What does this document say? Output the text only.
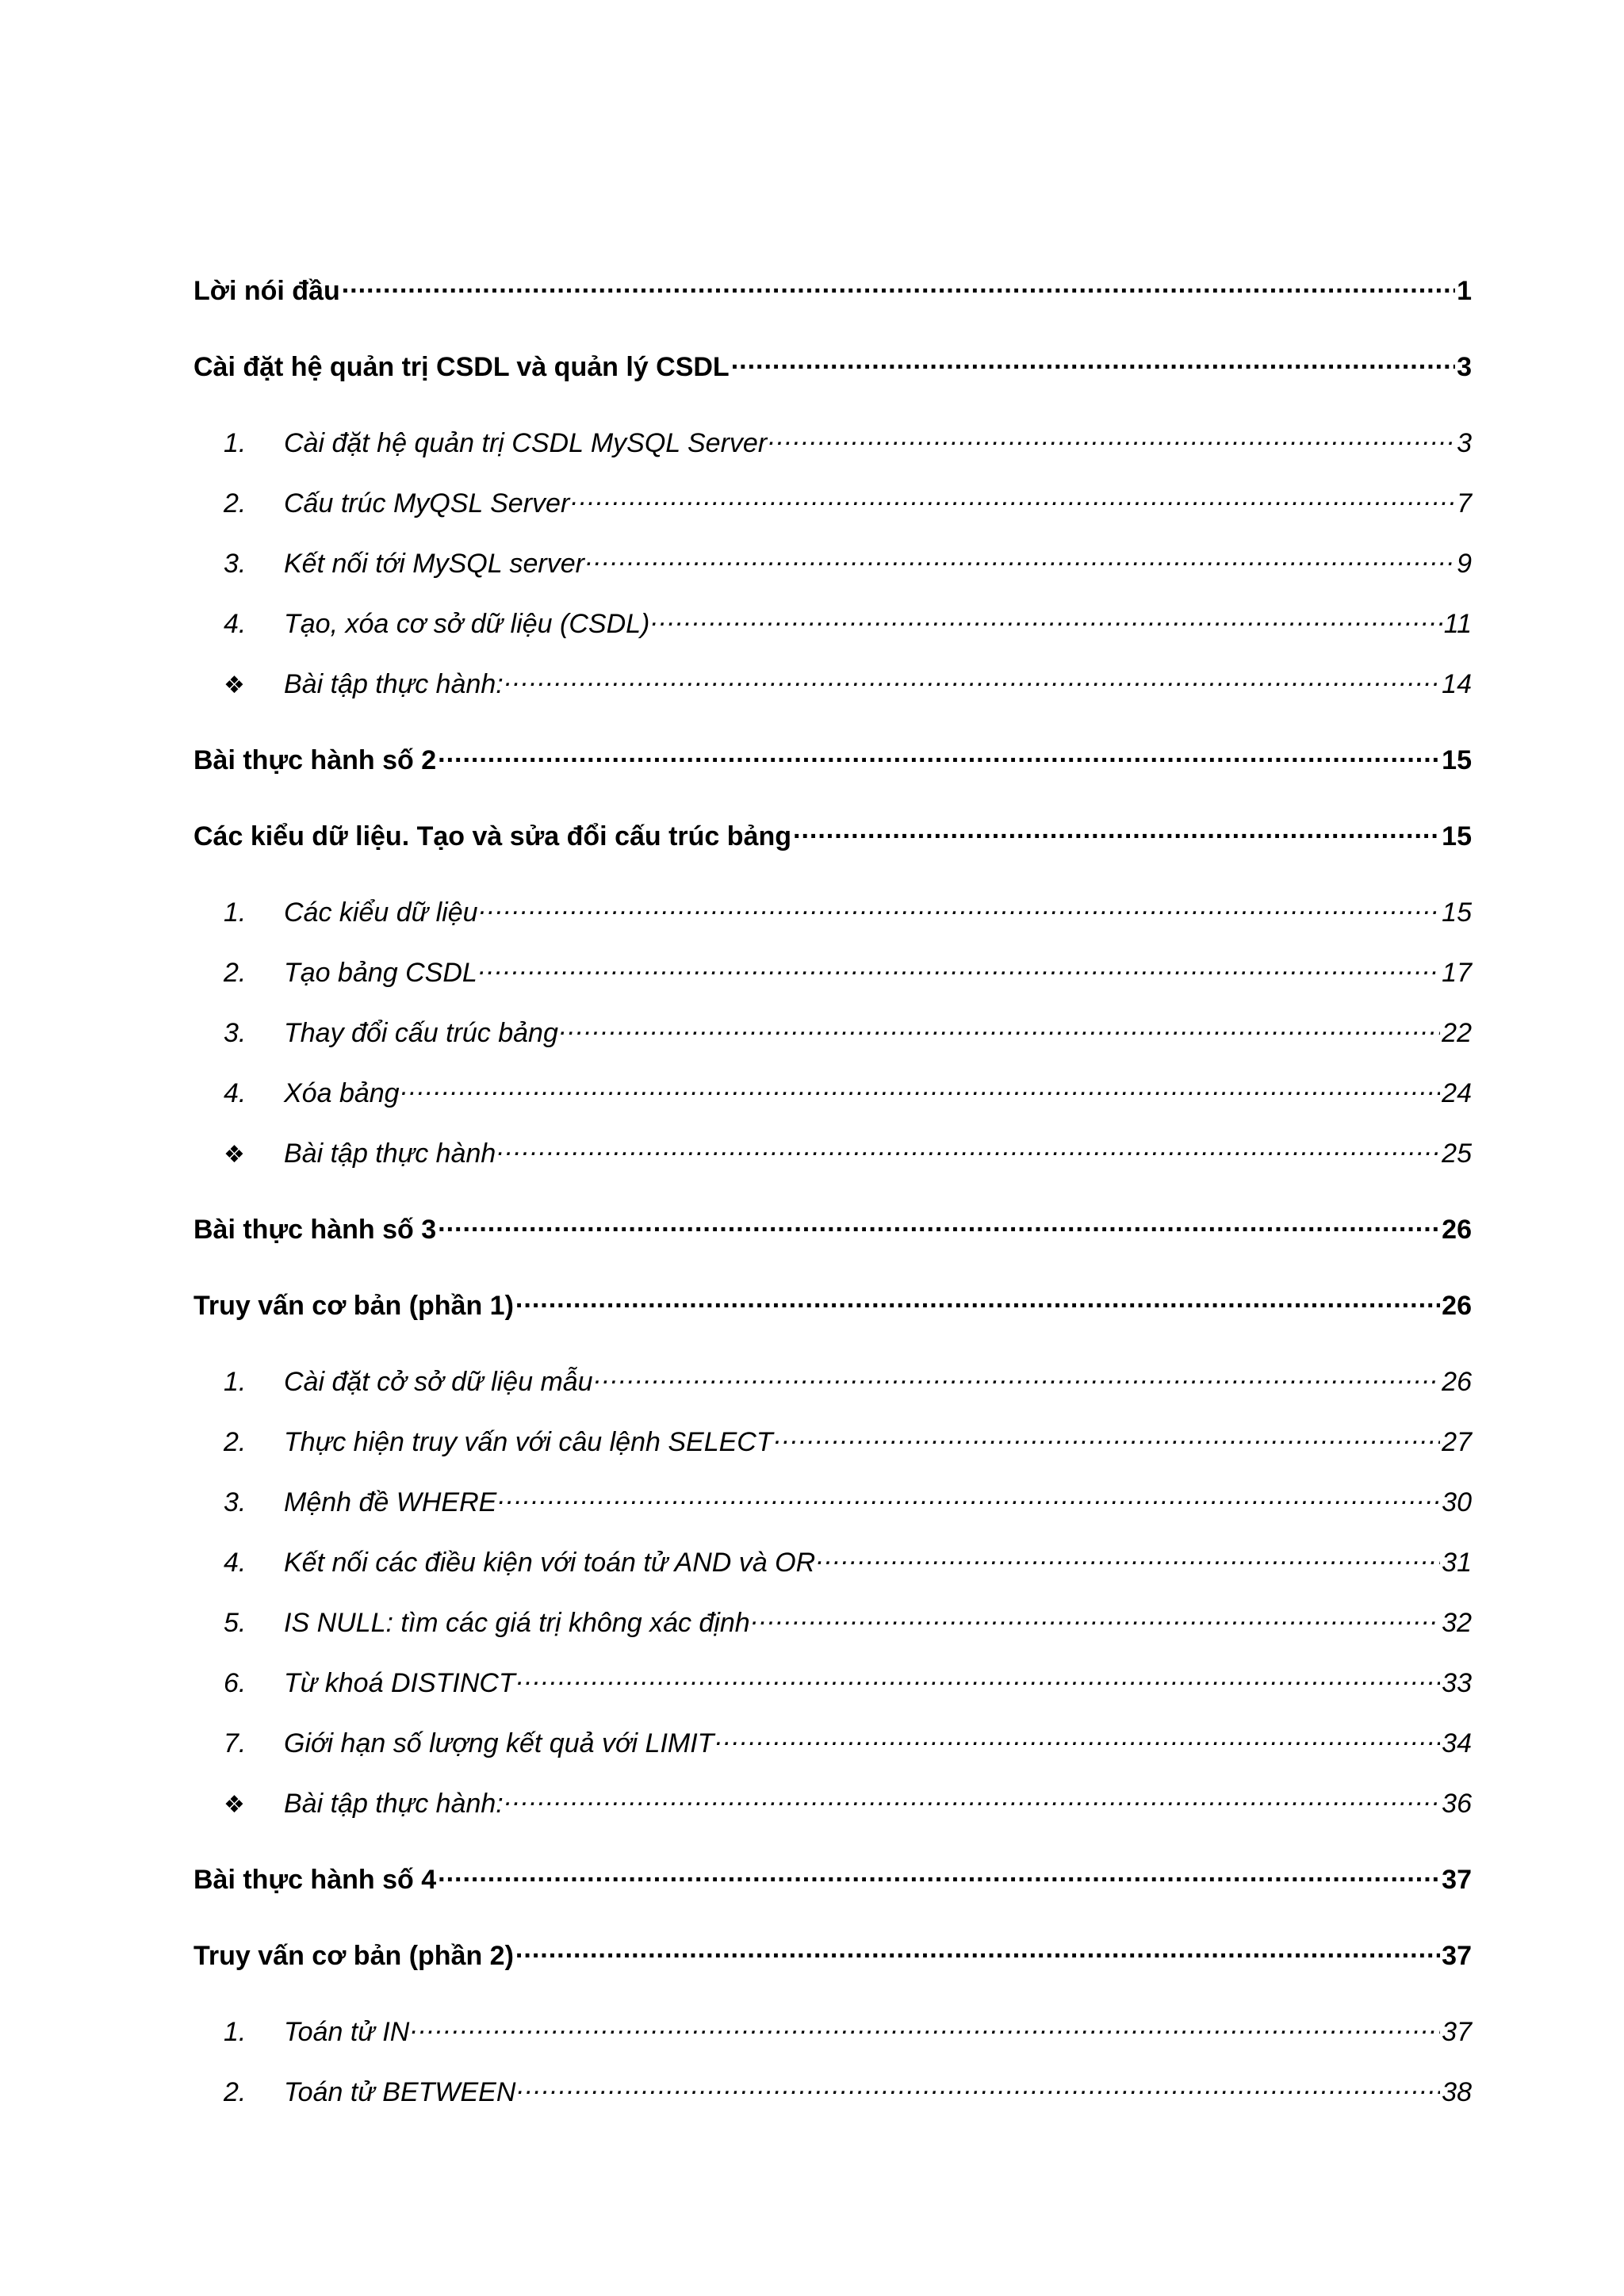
Lời nói đầu .....	1
Cài đặt hệ quản trị CSDL và quản lý CSDL .....	3
1.	Cài đặt hệ quản trị CSDL MySQL Server .....	3
2.	Cấu trúc MyQSL Server .....	7
3.	Kết nối tới MySQL server .....	9
4.	Tạo, xóa cơ sở dữ liệu (CSDL) .....	11
❖	Bài tập thực hành: .....	14
Bài thực hành số 2 .....	15
Các kiểu dữ liệu. Tạo và sửa đổi cấu trúc bảng .....	15
1.	Các kiểu dữ liệu .....	15
2.	Tạo bảng CSDL .....	17
3.	Thay đổi cấu trúc bảng .....	22
4.	Xóa bảng .....	24
❖	Bài tập thực hành .....	25
Bài thực hành số 3 .....	26
Truy vấn cơ bản (phần 1) .....	26
1.	Cài đặt cở sở dữ liệu mẫu .....	26
2.	Thực hiện truy vấn với câu lệnh SELECT .....	27
3.	Mệnh đề WHERE .....	30
4.	Kết nối các điều kiện với toán tử AND và OR .....	31
5.	IS NULL: tìm các giá trị không xác định .....	32
6.	Từ khoá DISTINCT .....	33
7.	Giới hạn số lượng kết quả với LIMIT .....	34
❖	Bài tập thực hành: .....	36
Bài thực hành số 4 .....	37
Truy vấn cơ bản (phần 2) .....	37
1.	Toán tử IN .....	37
2.	Toán tử BETWEEN .....	38
